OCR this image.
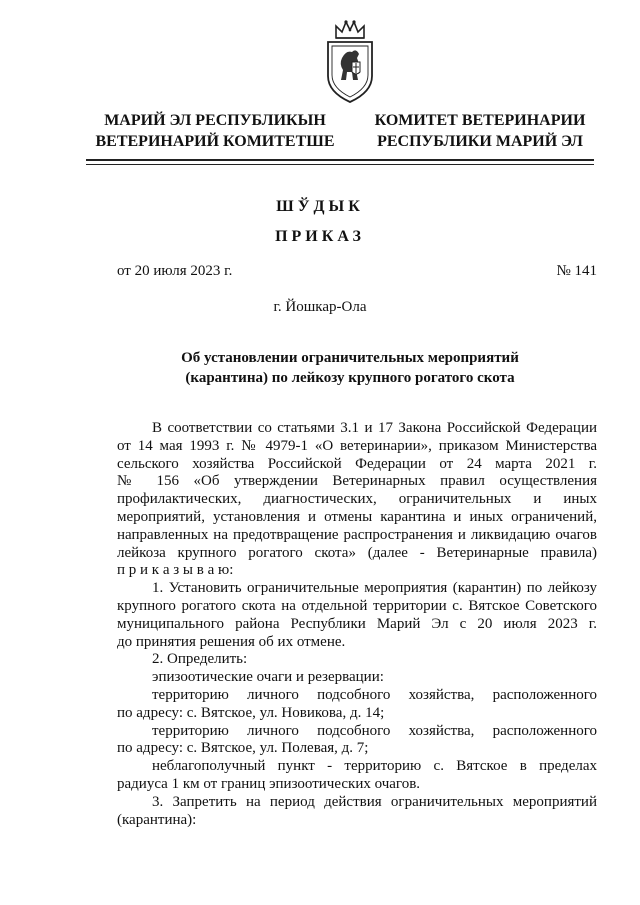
МАРИЙ ЭЛ РЕСПУБЛИКЫН
ВЕТЕРИНАРИЙ КОМИТЕТШЕ
КОМИТЕТ ВЕТЕРИНАРИИ
РЕСПУБЛИКИ МАРИЙ ЭЛ
ШЎДЫК
ПРИКАЗ
от 20 июля 2023 г.	№ 141
г. Йошкар-Ола
Об установлении ограничительных мероприятий
(карантина) по лейкозу крупного рогатого скота
В соответствии со статьями 3.1 и 17 Закона Российской Федерации
от 14 мая 1993 г. № 4979-1 «О ветеринарии», приказом Министерства
сельского хозяйства Российской Федерации от 24 марта 2021 г.
№ 156 «Об утверждении Ветеринарных правил осуществления
профилактических, диагностических, ограничительных и иных
мероприятий, установления и отмены карантина и иных ограничений,
направленных на предотвращение распространения и ликвидацию очагов
лейкоза крупного рогатого скота» (далее - Ветеринарные правила)
п р и к а з ы в а ю:
1. Установить ограничительные мероприятия (карантин) по лейкозу
крупного рогатого скота на отдельной территории с. Вятское Советского
муниципального района Республики Марий Эл с 20 июля 2023 г.
до принятия решения об их отмене.
2. Определить:
эпизоотические очаги и резервации:
территорию личного подсобного хозяйства, расположенного
по адресу: с. Вятское, ул. Новикова, д. 14;
территорию личного подсобного хозяйства, расположенного
по адресу: с. Вятское, ул. Полевая, д. 7;
неблагополучный пункт - территорию с. Вятское в пределах
радиуса 1 км от границ эпизоотических очагов.
3. Запретить на период действия ограничительных мероприятий
(карантина):
